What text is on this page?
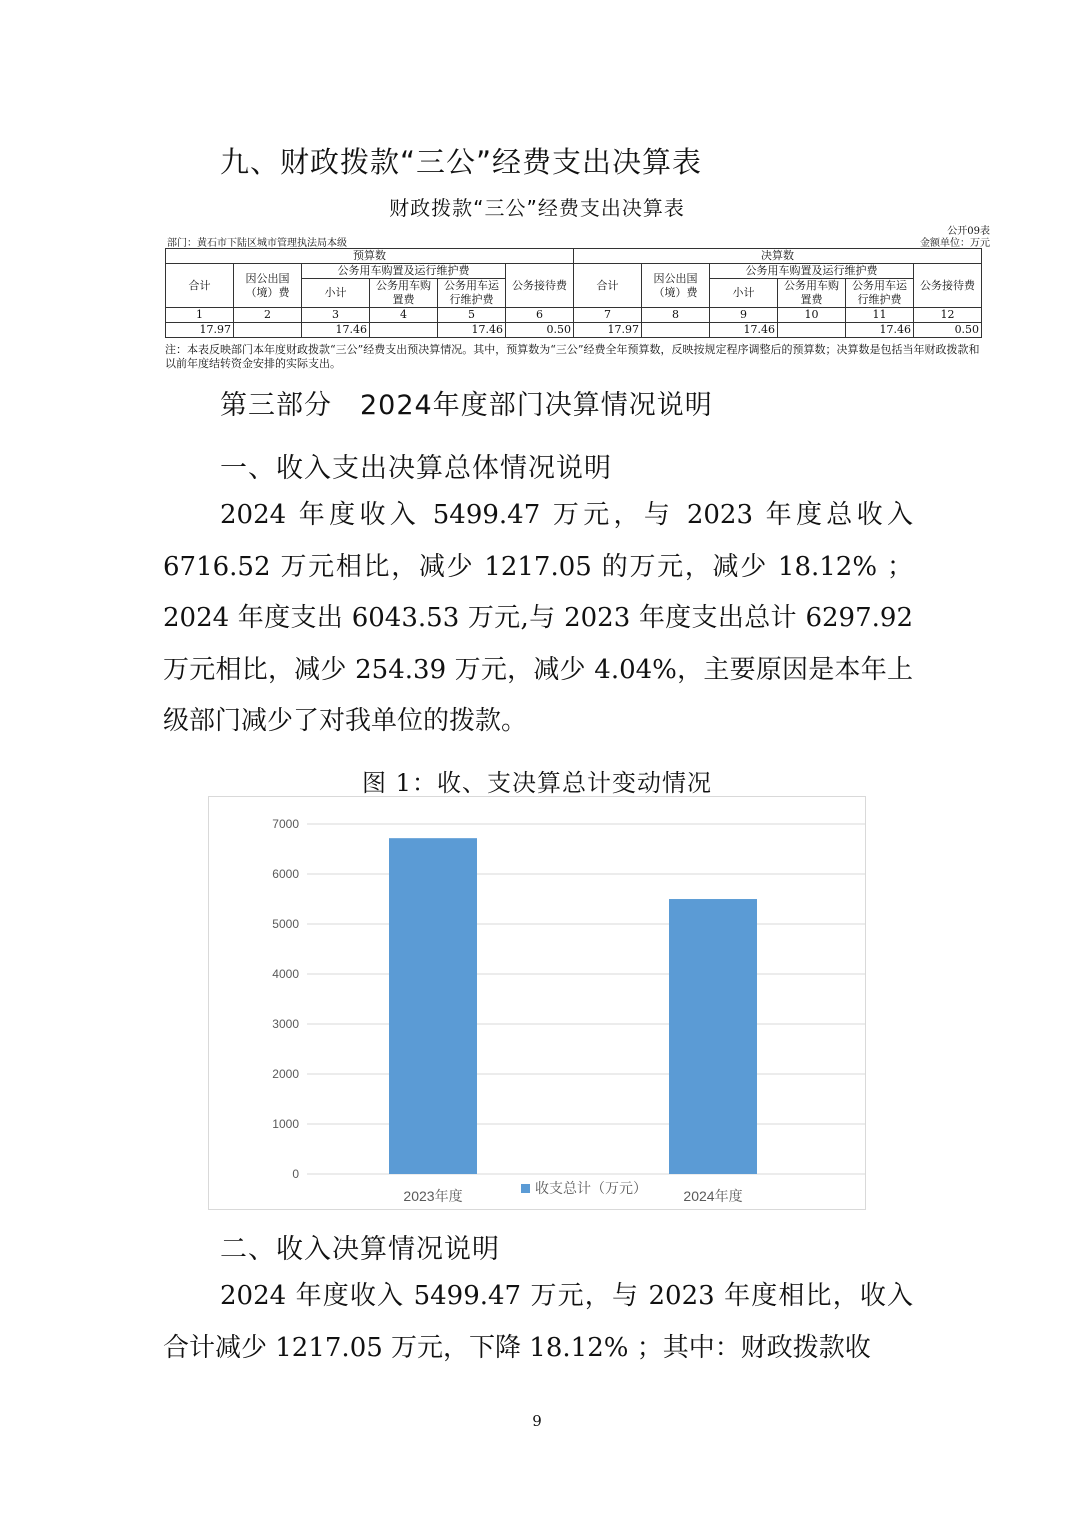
九、财政拨款“三公”经费支出决算表
财政拨款“三公”经费支出决算表
公开09表
金额单位：万元
部门：黄石市下陆区城市管理执法局本级
预算数						决算数					
合计	因公出国（境）费	公务用车购置及运行维护费			公务接待费	合计	因公出国（境）费	公务用车购置及运行维护费			公务接待费
		小计	公务用车购置费	公务用车运行维护费				小计	公务用车购置费	公务用车运行维护费	
1	2	3	4	5	6	7	8	9	10	11	12
17.97		17.46		17.46	0.50	17.97		17.46		17.46	0.50
注：本表反映部门本年度财政拨款“三公”经费支出预决算情况。其中，预算数为“三公”经费全年预算数，反映按规定程序调整后的预算数；决算数是包括当年财政拨款和以前年度结转资金安排的实际支出。
第三部分　2024年度部门决算情况说明
一、收入支出决算总体情况说明
2024 年度收入 5499.47 万元，与 2023 年度总收入 6716.52 万元相比，减少 1217.05 的万元，减少 18.12% ；2024 年度支出 6043.53 万元,与 2023 年度支出总计 6297.92 万元相比，减少 254.39 万元，减少 4.04%，主要原因是本年上级部门减少了对我单位的拨款。
图 1：收、支决算总计变动情况
0
1000
2000
3000
4000
5000
6000
7000
2023年度	2024年度
收支总计（万元）
二、收入决算情况说明
2024 年度收入 5499.47 万元，与 2023 年度相比，收入合计减少 1217.05 万元，下降 18.12% ；其中：财政拨款收
9
